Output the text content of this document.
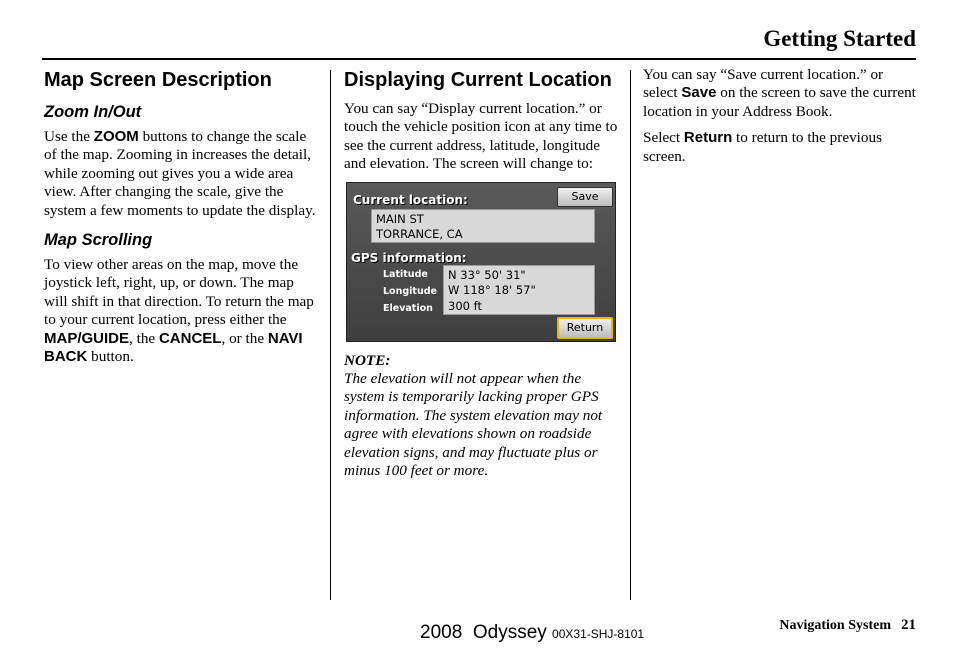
Getting Started
Map Screen Description
Zoom In/Out

Use the ZOOM buttons to change the scale of the map. Zooming in increases the detail, while zooming out gives you a wide area view. After changing the scale, give the system a few moments to update the display.

Map Scrolling

To view other areas on the map, move the joystick left, right, up, or down. The map will shift in that direction. To return the map to your current location, press either the MAP/GUIDE, the CANCEL, or the NAVI BACK button.

Displaying Current Location

You can say “Display current location.” or touch the vehicle position icon at any time to see the current address, latitude, longitude and elevation. The screen will change to:

Current location:	Save
MAIN ST
TORRANCE, CA
GPS information:
Latitude
Longitude
Elevation
N 33° 50' 31"
W 118° 18' 57"
300 ft
Return
NOTE:

The elevation will not appear when the system is temporarily lacking proper GPS information. The system elevation may not agree with elevations shown on roadside elevation signs, and may fluctuate plus or minus 100 feet or more.

You can say “Save current location.” or select Save on the screen to save the current location in your Address Book.

Select Return to return to the previous screen.

2008 Odyssey 00X31-SHJ-8101
Navigation System 21
